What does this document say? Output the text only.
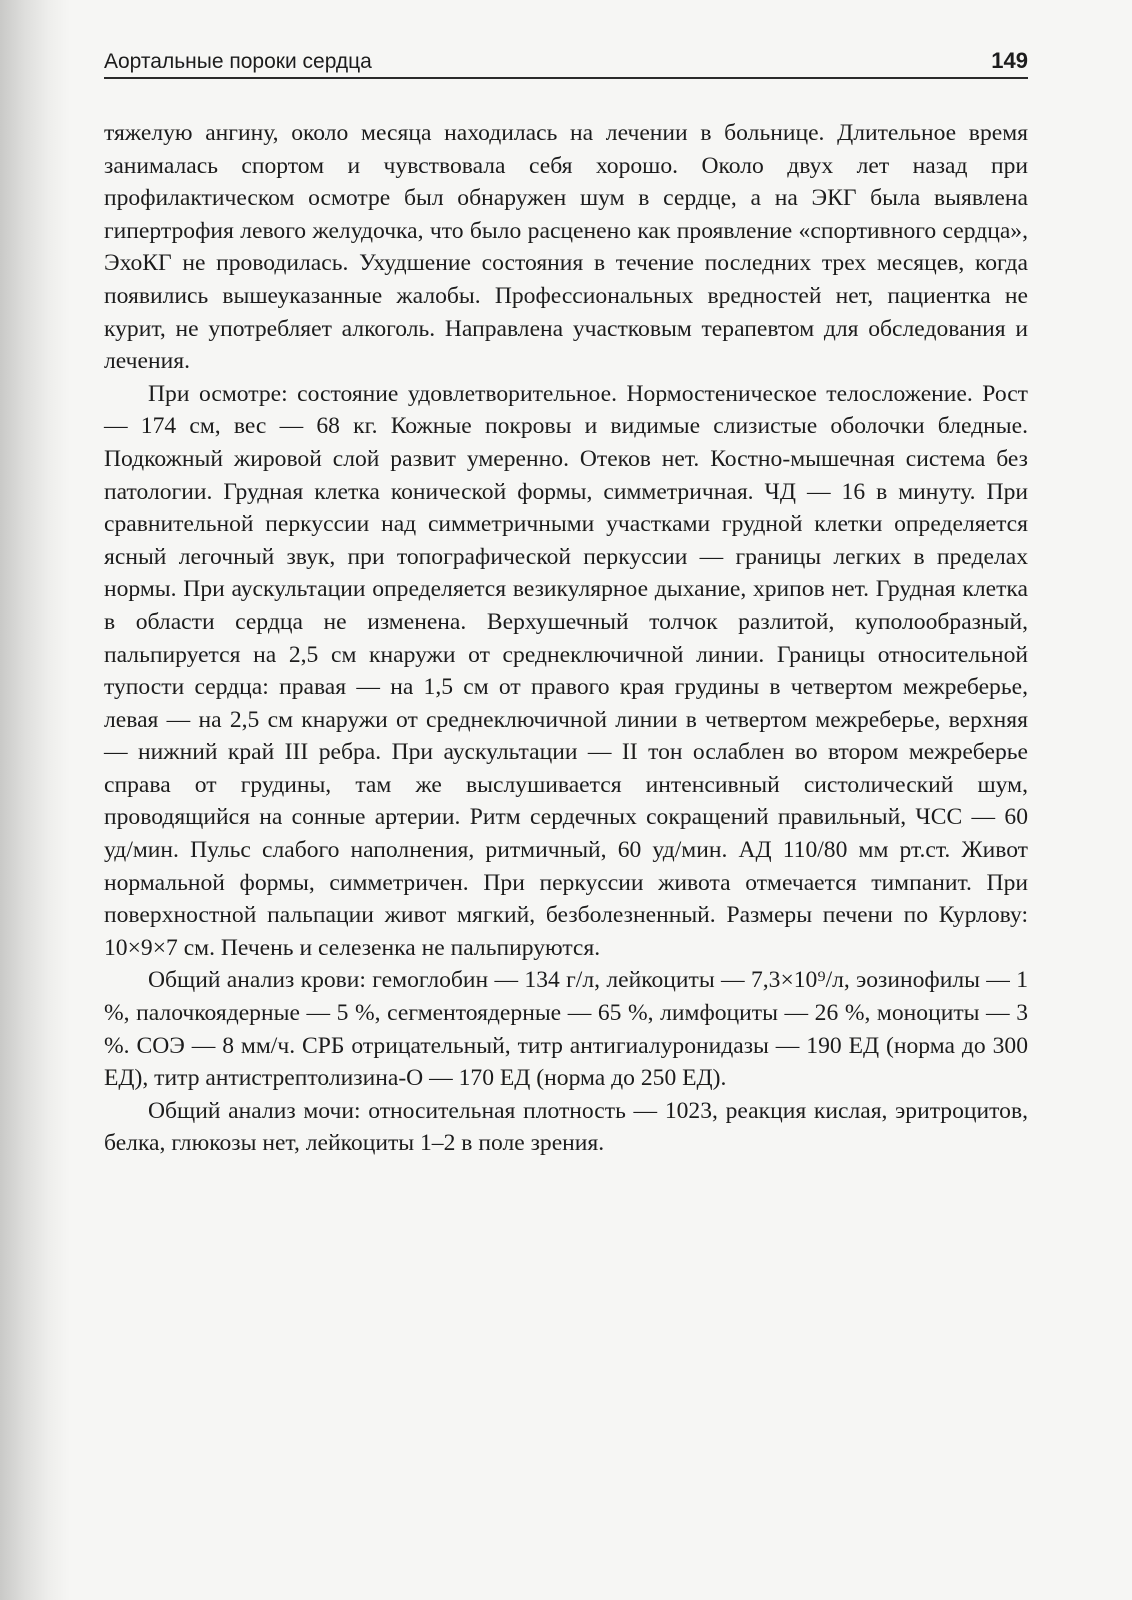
Аортальные пороки сердца	149

тяжелую ангину, около месяца находилась на лечении в больнице. Длительное время занималась спортом и чувствовала себя хорошо. Около двух лет назад при профилактическом осмотре был обнаружен шум в сердце, а на ЭКГ была выявлена гипертрофия левого желудочка, что было расценено как проявление «спортивного сердца», ЭхоКГ не проводилась. Ухудшение состояния в течение последних трех месяцев, когда появились вышеуказанные жалобы. Профессиональных вредностей нет, пациентка не курит, не употребляет алкоголь. Направлена участковым терапевтом для обследования и лечения.

При осмотре: состояние удовлетворительное. Нормостеническое телосложение. Рост — 174 см, вес — 68 кг. Кожные покровы и видимые слизистые оболочки бледные. Подкожный жировой слой развит умеренно. Отеков нет. Костно-мышечная система без патологии. Грудная клетка конической формы, симметричная. ЧД — 16 в минуту. При сравнительной перкуссии над симметричными участками грудной клетки определяется ясный легочный звук, при топографической перкуссии — границы легких в пределах нормы. При аускультации определяется везикулярное дыхание, хрипов нет. Грудная клетка в области сердца не изменена. Верхушечный толчок разлитой, куполообразный, пальпируется на 2,5 см кнаружи от среднеключичной линии. Границы относительной тупости сердца: правая — на 1,5 см от правого края грудины в четвертом межреберье, левая — на 2,5 см кнаружи от среднеключичной линии в четвертом межреберье, верхняя — нижний край III ребра. При аускультации — II тон ослаблен во втором межреберье справа от грудины, там же выслушивается интенсивный систолический шум, проводящийся на сонные артерии. Ритм сердечных сокращений правильный, ЧСС — 60 уд/мин. Пульс слабого наполнения, ритмичный, 60 уд/мин. АД 110/80 мм рт.ст. Живот нормальной формы, симметричен. При перкуссии живота отмечается тимпанит. При поверхностной пальпации живот мягкий, безболезненный. Размеры печени по Курлову: 10×9×7 см. Печень и селезенка не пальпируются.

Общий анализ крови: гемоглобин — 134 г/л, лейкоциты — 7,3×10⁹/л, эозинофилы — 1 %, палочкоядерные — 5 %, сегментоядерные — 65 %, лимфоциты — 26 %, моноциты — 3 %. СОЭ — 8 мм/ч. СРБ отрицательный, титр антигиалуронидазы — 190 ЕД (норма до 300 ЕД), титр антистрептолизина-О — 170 ЕД (норма до 250 ЕД).

Общий анализ мочи: относительная плотность — 1023, реакция кислая, эритроцитов, белка, глюкозы нет, лейкоциты 1–2 в поле зрения.
